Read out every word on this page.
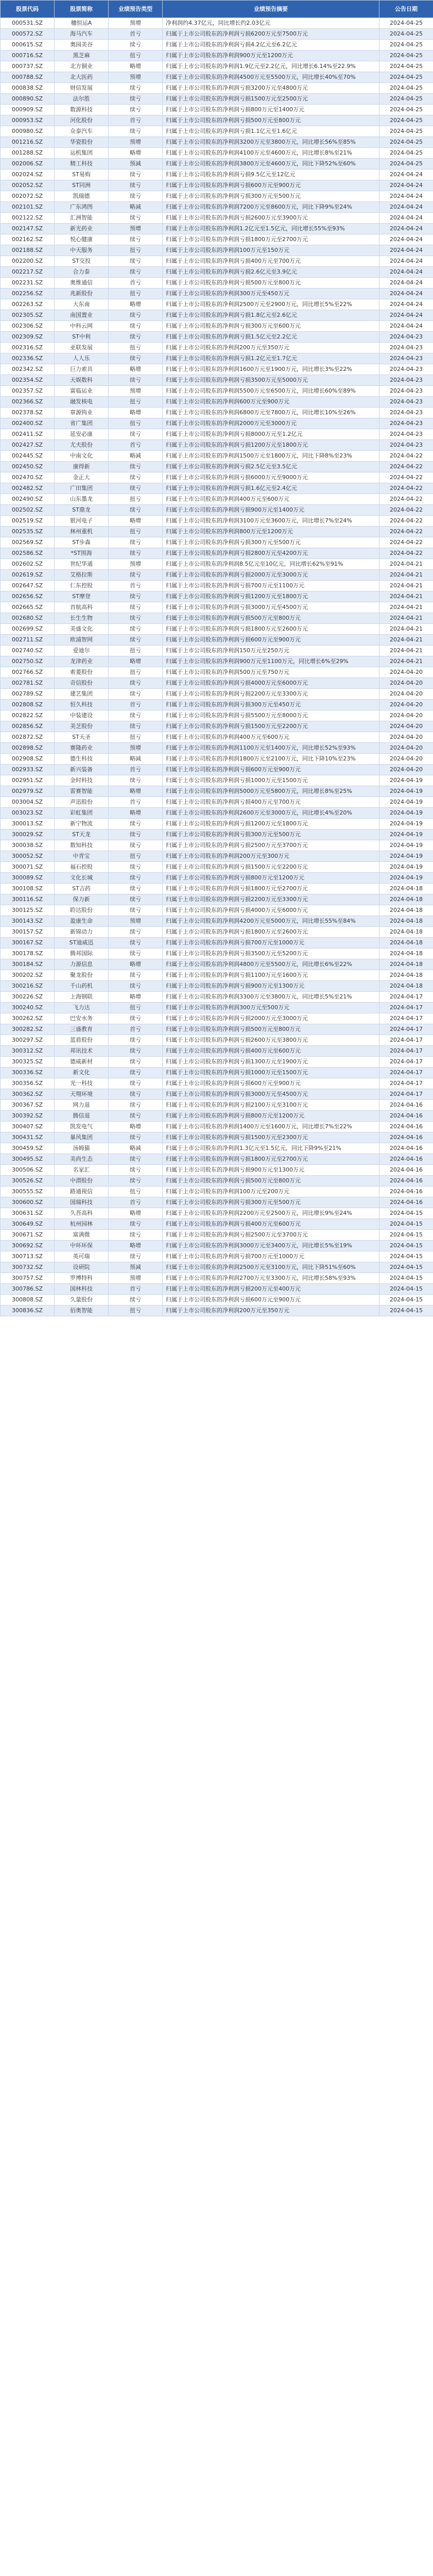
股票代码	股票简称	业绩预告类型	业绩预告摘要	公告日期
000531.SZ	穗恒运A	预增	净利润约4.37亿元，同比增长约2.03亿元	2024-04-25
000572.SZ	海马汽车	首亏	归属于上市公司股东的净利润亏损6200万元至7500万元	2024-04-25
000615.SZ	奥园美谷	续亏	归属于上市公司股东的净利润亏损4.2亿元至6.2亿元	2024-04-25
000716.SZ	黑芝麻	扭亏	归属于上市公司股东的净利润900万元至1200万元	2024-04-25
000737.SZ	北方铜业	略增	归属于上市公司股东的净利润1.9亿元至2.2亿元，同比增长6.14%至22.9%	2024-04-25
000788.SZ	北大医药	预增	归属于上市公司股东的净利润4500万元至5500万元，同比增长40%至70%	2024-04-25
000838.SZ	财信发展	续亏	归属于上市公司股东的净利润亏损3200万元至4800万元	2024-04-25
000890.SZ	法尔胜	续亏	归属于上市公司股东的净利润亏损1500万元至2500万元	2024-04-25
000909.SZ	数源科技	续亏	归属于上市公司股东的净利润亏损800万元至1400万元	2024-04-25
000953.SZ	河化股份	首亏	归属于上市公司股东的净利润亏损500万元至800万元	2024-04-25
000980.SZ	众泰汽车	续亏	归属于上市公司股东的净利润亏损1.1亿元至1.6亿元	2024-04-25
001216.SZ	华瓷股份	预增	归属于上市公司股东的净利润3200万元至3800万元，同比增长56%至85%	2024-04-25
001288.SZ	运机集团	略增	归属于上市公司股东的净利润4100万元至4600万元，同比增长8%至21%	2024-04-25
002006.SZ	精工科技	预减	归属于上市公司股东的净利润3800万元至4600万元，同比下降52%至60%	2024-04-25
002024.SZ	ST易购	续亏	归属于上市公司股东的净利润亏损9.5亿元至12亿元	2024-04-24
002052.SZ	ST同洲	续亏	归属于上市公司股东的净利润亏损600万元至900万元	2024-04-24
002072.SZ	凯瑞德	续亏	归属于上市公司股东的净利润亏损300万元至500万元	2024-04-24
002101.SZ	广东鸿图	略减	归属于上市公司股东的净利润7200万元至8600万元，同比下降9%至24%	2024-04-24
002122.SZ	汇洲智能	续亏	归属于上市公司股东的净利润亏损2600万元至3900万元	2024-04-24
002147.SZ	新光药业	预增	归属于上市公司股东的净利润1.2亿元至1.5亿元，同比增长55%至93%	2024-04-24
002162.SZ	悦心健康	续亏	归属于上市公司股东的净利润亏损1800万元至2700万元	2024-04-24
002188.SZ	中天服务	扭亏	归属于上市公司股东的净利润100万元至150万元	2024-04-24
002200.SZ	ST交投	续亏	归属于上市公司股东的净利润亏损400万元至700万元	2024-04-24
002217.SZ	合力泰	续亏	归属于上市公司股东的净利润亏损2.6亿元至3.9亿元	2024-04-24
002231.SZ	奥维通信	首亏	归属于上市公司股东的净利润亏损500万元至800万元	2024-04-24
002256.SZ	兆新股份	扭亏	归属于上市公司股东的净利润300万元至450万元	2024-04-24
002263.SZ	大东南	略增	归属于上市公司股东的净利润2500万元至2900万元，同比增长5%至22%	2024-04-24
002305.SZ	南国置业	续亏	归属于上市公司股东的净利润亏损1.8亿元至2.6亿元	2024-04-24
002306.SZ	中科云网	续亏	归属于上市公司股东的净利润亏损300万元至600万元	2024-04-24
002309.SZ	ST中利	续亏	归属于上市公司股东的净利润亏损1.5亿元至2.2亿元	2024-04-23
002316.SZ	亚联发展	扭亏	归属于上市公司股东的净利润200万元至350万元	2024-04-23
002336.SZ	人人乐	续亏	归属于上市公司股东的净利润亏损1.2亿元至1.7亿元	2024-04-23
002342.SZ	巨力索具	略增	归属于上市公司股东的净利润1600万元至1900万元，同比增长3%至22%	2024-04-23
002354.SZ	天娱数科	续亏	归属于上市公司股东的净利润亏损3500万元至5000万元	2024-04-23
002357.SZ	富临运业	预增	归属于上市公司股东的净利润5500万元至6500万元，同比增长60%至89%	2024-04-23
002366.SZ	融发核电	扭亏	归属于上市公司股东的净利润600万元至900万元	2024-04-23
002378.SZ	章源钨业	略增	归属于上市公司股东的净利润6800万元至7800万元，同比增长10%至26%	2024-04-23
002400.SZ	省广集团	扭亏	归属于上市公司股东的净利润2000万元至3000万元	2024-04-23
002411.SZ	延安必康	续亏	归属于上市公司股东的净利润亏损8000万元至1.2亿元	2024-04-23
002427.SZ	尤夫股份	首亏	归属于上市公司股东的净利润亏损1200万元至1800万元	2024-04-23
002445.SZ	中南文化	略减	归属于上市公司股东的净利润1500万元至1800万元，同比下降8%至23%	2024-04-22
002450.SZ	康得新	续亏	归属于上市公司股东的净利润亏损2.5亿元至3.5亿元	2024-04-22
002470.SZ	金正大	续亏	归属于上市公司股东的净利润亏损6000万元至9000万元	2024-04-22
002482.SZ	广田集团	续亏	归属于上市公司股东的净利润亏损1.6亿元至2.4亿元	2024-04-22
002490.SZ	山东墨龙	扭亏	归属于上市公司股东的净利润400万元至600万元	2024-04-22
002502.SZ	ST鼎龙	续亏	归属于上市公司股东的净利润亏损900万元至1400万元	2024-04-22
002519.SZ	银河电子	略增	归属于上市公司股东的净利润3100万元至3600万元，同比增长7%至24%	2024-04-22
002535.SZ	林州重机	扭亏	归属于上市公司股东的净利润800万元至1200万元	2024-04-22
002569.SZ	ST步森	续亏	归属于上市公司股东的净利润亏损300万元至500万元	2024-04-22
002586.SZ	*ST围海	续亏	归属于上市公司股东的净利润亏损2800万元至4200万元	2024-04-22
002602.SZ	世纪华通	预增	归属于上市公司股东的净利润8.5亿元至10亿元，同比增长62%至91%	2024-04-21
002619.SZ	艾格拉斯	续亏	归属于上市公司股东的净利润亏损2000万元至3000万元	2024-04-21
002647.SZ	仁东控股	首亏	归属于上市公司股东的净利润亏损700万元至1100万元	2024-04-21
002656.SZ	ST摩登	续亏	归属于上市公司股东的净利润亏损1200万元至1800万元	2024-04-21
002665.SZ	首航高科	续亏	归属于上市公司股东的净利润亏损3000万元至4500万元	2024-04-21
002680.SZ	长生生物	续亏	归属于上市公司股东的净利润亏损500万元至800万元	2024-04-21
002699.SZ	美盛文化	续亏	归属于上市公司股东的净利润亏损1800万元至2600万元	2024-04-21
002711.SZ	欧浦智网	续亏	归属于上市公司股东的净利润亏损600万元至900万元	2024-04-21
002740.SZ	爱迪尔	扭亏	归属于上市公司股东的净利润150万元至250万元	2024-04-21
002750.SZ	龙津药业	略增	归属于上市公司股东的净利润900万元至1100万元，同比增长6%至29%	2024-04-21
002766.SZ	索菱股份	扭亏	归属于上市公司股东的净利润500万元至750万元	2024-04-20
002781.SZ	奇信股份	续亏	归属于上市公司股东的净利润亏损4000万元至6000万元	2024-04-20
002789.SZ	建艺集团	续亏	归属于上市公司股东的净利润亏损2200万元至3300万元	2024-04-20
002808.SZ	恒久科技	首亏	归属于上市公司股东的净利润亏损300万元至450万元	2024-04-20
002822.SZ	中装建设	续亏	归属于上市公司股东的净利润亏损5500万元至8000万元	2024-04-20
002856.SZ	美芝股份	续亏	归属于上市公司股东的净利润亏损1500万元至2200万元	2024-04-20
002872.SZ	ST天圣	扭亏	归属于上市公司股东的净利润400万元至600万元	2024-04-20
002898.SZ	赛隆药业	预增	归属于上市公司股东的净利润1100万元至1400万元，同比增长52%至93%	2024-04-20
002908.SZ	德生科技	略减	归属于上市公司股东的净利润1800万元至2100万元，同比下降10%至23%	2024-04-20
002933.SZ	新兴装备	首亏	归属于上市公司股东的净利润亏损600万元至900万元	2024-04-20
002951.SZ	金时科技	续亏	归属于上市公司股东的净利润亏损1000万元至1500万元	2024-04-19
002979.SZ	雷赛智能	略增	归属于上市公司股东的净利润5000万元至5800万元，同比增长8%至25%	2024-04-19
003004.SZ	声迅股份	首亏	归属于上市公司股东的净利润亏损400万元至700万元	2024-04-19
003023.SZ	彩虹集团	略增	归属于上市公司股东的净利润2600万元至3000万元，同比增长4%至20%	2024-04-19
300013.SZ	新宁物流	续亏	归属于上市公司股东的净利润亏损1200万元至1800万元	2024-04-19
300029.SZ	ST天龙	续亏	归属于上市公司股东的净利润亏损300万元至500万元	2024-04-19
300038.SZ	数知科技	续亏	归属于上市公司股东的净利润亏损2500万元至3700万元	2024-04-19
300052.SZ	中青宝	扭亏	归属于上市公司股东的净利润200万元至300万元	2024-04-19
300071.SZ	福石控股	续亏	归属于上市公司股东的净利润亏损1500万元至2200万元	2024-04-19
300089.SZ	文化长城	续亏	归属于上市公司股东的净利润亏损800万元至1200万元	2024-04-19
300108.SZ	ST吉药	续亏	归属于上市公司股东的净利润亏损1800万元至2700万元	2024-04-18
300116.SZ	保力新	续亏	归属于上市公司股东的净利润亏损2200万元至3300万元	2024-04-18
300125.SZ	聆达股份	续亏	归属于上市公司股东的净利润亏损4000万元至6000万元	2024-04-18
300143.SZ	盈康生命	预增	归属于上市公司股东的净利润4200万元至5000万元，同比增长55%至84%	2024-04-18
300157.SZ	新锦动力	续亏	归属于上市公司股东的净利润亏损1800万元至2600万元	2024-04-18
300167.SZ	ST迪威迅	续亏	归属于上市公司股东的净利润亏损700万元至1000万元	2024-04-18
300178.SZ	腾邦国际	续亏	归属于上市公司股东的净利润亏损3500万元至5200万元	2024-04-18
300184.SZ	力源信息	略增	归属于上市公司股东的净利润4800万元至5500万元，同比增长6%至22%	2024-04-18
300202.SZ	聚龙股份	续亏	归属于上市公司股东的净利润亏损1100万元至1600万元	2024-04-18
300216.SZ	千山药机	续亏	归属于上市公司股东的净利润亏损900万元至1300万元	2024-04-18
300226.SZ	上海钢联	略增	归属于上市公司股东的净利润3300万元至3800万元，同比增长5%至21%	2024-04-17
300240.SZ	飞力达	扭亏	归属于上市公司股东的净利润300万元至500万元	2024-04-17
300262.SZ	巴安水务	续亏	归属于上市公司股东的净利润亏损2000万元至3000万元	2024-04-17
300282.SZ	三盛教育	首亏	归属于上市公司股东的净利润亏损500万元至800万元	2024-04-17
300297.SZ	蓝盾股份	续亏	归属于上市公司股东的净利润亏损2600万元至3800万元	2024-04-17
300312.SZ	邦讯技术	续亏	归属于上市公司股东的净利润亏损400万元至600万元	2024-04-17
300325.SZ	德威新材	续亏	归属于上市公司股东的净利润亏损1300万元至1900万元	2024-04-17
300336.SZ	新文化	续亏	归属于上市公司股东的净利润亏损1000万元至1500万元	2024-04-17
300356.SZ	光一科技	续亏	归属于上市公司股东的净利润亏损600万元至900万元	2024-04-17
300362.SZ	天翔环境	续亏	归属于上市公司股东的净利润亏损3000万元至4500万元	2024-04-17
300367.SZ	网力退	续亏	归属于上市公司股东的净利润亏损2100万元至3100万元	2024-04-16
300392.SZ	腾信退	续亏	归属于上市公司股东的净利润亏损800万元至1200万元	2024-04-16
300407.SZ	凯发电气	略增	归属于上市公司股东的净利润1400万元至1600万元，同比增长7%至22%	2024-04-16
300431.SZ	暴风集团	续亏	归属于上市公司股东的净利润亏损1500万元至2300万元	2024-04-16
300459.SZ	汤姆猫	略减	归属于上市公司股东的净利润1.3亿元至1.5亿元，同比下降9%至21%	2024-04-16
300495.SZ	美尚生态	续亏	归属于上市公司股东的净利润亏损1800万元至2700万元	2024-04-16
300506.SZ	名家汇	续亏	归属于上市公司股东的净利润亏损900万元至1300万元	2024-04-16
300526.SZ	中潜股份	续亏	归属于上市公司股东的净利润亏损500万元至800万元	2024-04-16
300555.SZ	路通视信	扭亏	归属于上市公司股东的净利润100万元至200万元	2024-04-16
300600.SZ	国瑞科技	首亏	归属于上市公司股东的净利润亏损300万元至500万元	2024-04-16
300631.SZ	久吾高科	略增	归属于上市公司股东的净利润2200万元至2500万元，同比增长9%至24%	2024-04-15
300649.SZ	杭州园林	续亏	归属于上市公司股东的净利润亏损400万元至600万元	2024-04-15
300671.SZ	富满微	续亏	归属于上市公司股东的净利润亏损2500万元至3700万元	2024-04-15
300692.SZ	中环环保	略增	归属于上市公司股东的净利润3000万元至3400万元，同比增长5%至19%	2024-04-15
300713.SZ	英可瑞	续亏	归属于上市公司股东的净利润亏损700万元至1000万元	2024-04-15
300732.SZ	设研院	预减	归属于上市公司股东的净利润2500万元至3100万元，同比下降51%至60%	2024-04-15
300757.SZ	罗博特科	预增	归属于上市公司股东的净利润2700万元至3300万元，同比增长58%至93%	2024-04-15
300786.SZ	国林科技	首亏	归属于上市公司股东的净利润亏损200万元至400万元	2024-04-15
300808.SZ	久量股份	续亏	归属于上市公司股东的净利润亏损600万元至900万元	2024-04-15
300836.SZ	佰奥智能	扭亏	归属于上市公司股东的净利润200万元至350万元	2024-04-15
